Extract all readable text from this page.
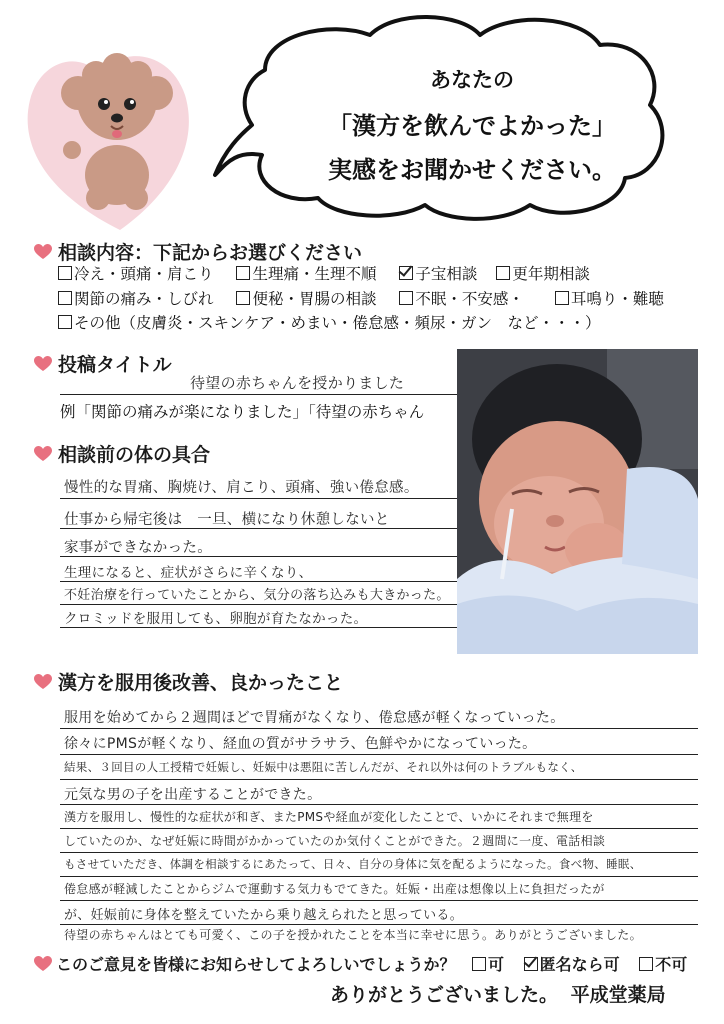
あなたの
「漢方を飲んでよかった」
実感をお聞かせください。
相談内容：下記からお選びください
冷え・頭痛・肩こり	生理痛・生理不順	子宝相談 更年期相談
関節の痛み・しびれ	便秘・胃腸の相談	不眠・不安感・	耳鳴り・難聴
その他（皮膚炎・スキンケア・めまい・倦怠感・頻尿・ガン　など・・・）
投稿タイトル
待望の赤ちゃんを授かりました
例「関節の痛みが楽になりました」「待望の赤ちゃん
相談前の体の具合
慢性的な胃痛、胸焼け、肩こり、頭痛、強い倦怠感。
仕事から帰宅後は　一旦、横になり休憩しないと
家事ができなかった。
生理になると、症状がさらに辛くなり、
不妊治療を行っていたことから、気分の落ち込みも大きかった。
クロミッドを服用しても、卵胞が育たなかった。
漢方を服用後改善、良かったこと
服用を始めてから２週間ほどで胃痛がなくなり、倦怠感が軽くなっていった。
徐々にPMSが軽くなり、経血の質がサラサラ、色鮮やかになっていった。
結果、３回目の人工授精で妊娠し、妊娠中は悪阻に苦しんだが、それ以外は何のトラブルもなく、
元気な男の子を出産することができた。
漢方を服用し、慢性的な症状が和ぎ、またPMSや経血が変化したことで、いかにそれまで無理を
していたのか、なぜ妊娠に時間がかかっていたのか気付くことができた。２週間に一度、電話相談
もさせていただき、体調を相談するにあたって、日々、自分の身体に気を配るようになった。食べ物、睡眠、
倦怠感が軽減したことからジムで運動する気力もでてきた。妊娠・出産は想像以上に負担だったが
が、妊娠前に身体を整えていたから乗り越えられたと思っている。
待望の赤ちゃんはとても可愛く、この子を授かれたことを本当に幸せに思う。ありがとうございました。
このご意見を皆様にお知らせしてよろしいでしょうか？	可 匿名なら可 不可
ありがとうございました。 平成堂薬局
